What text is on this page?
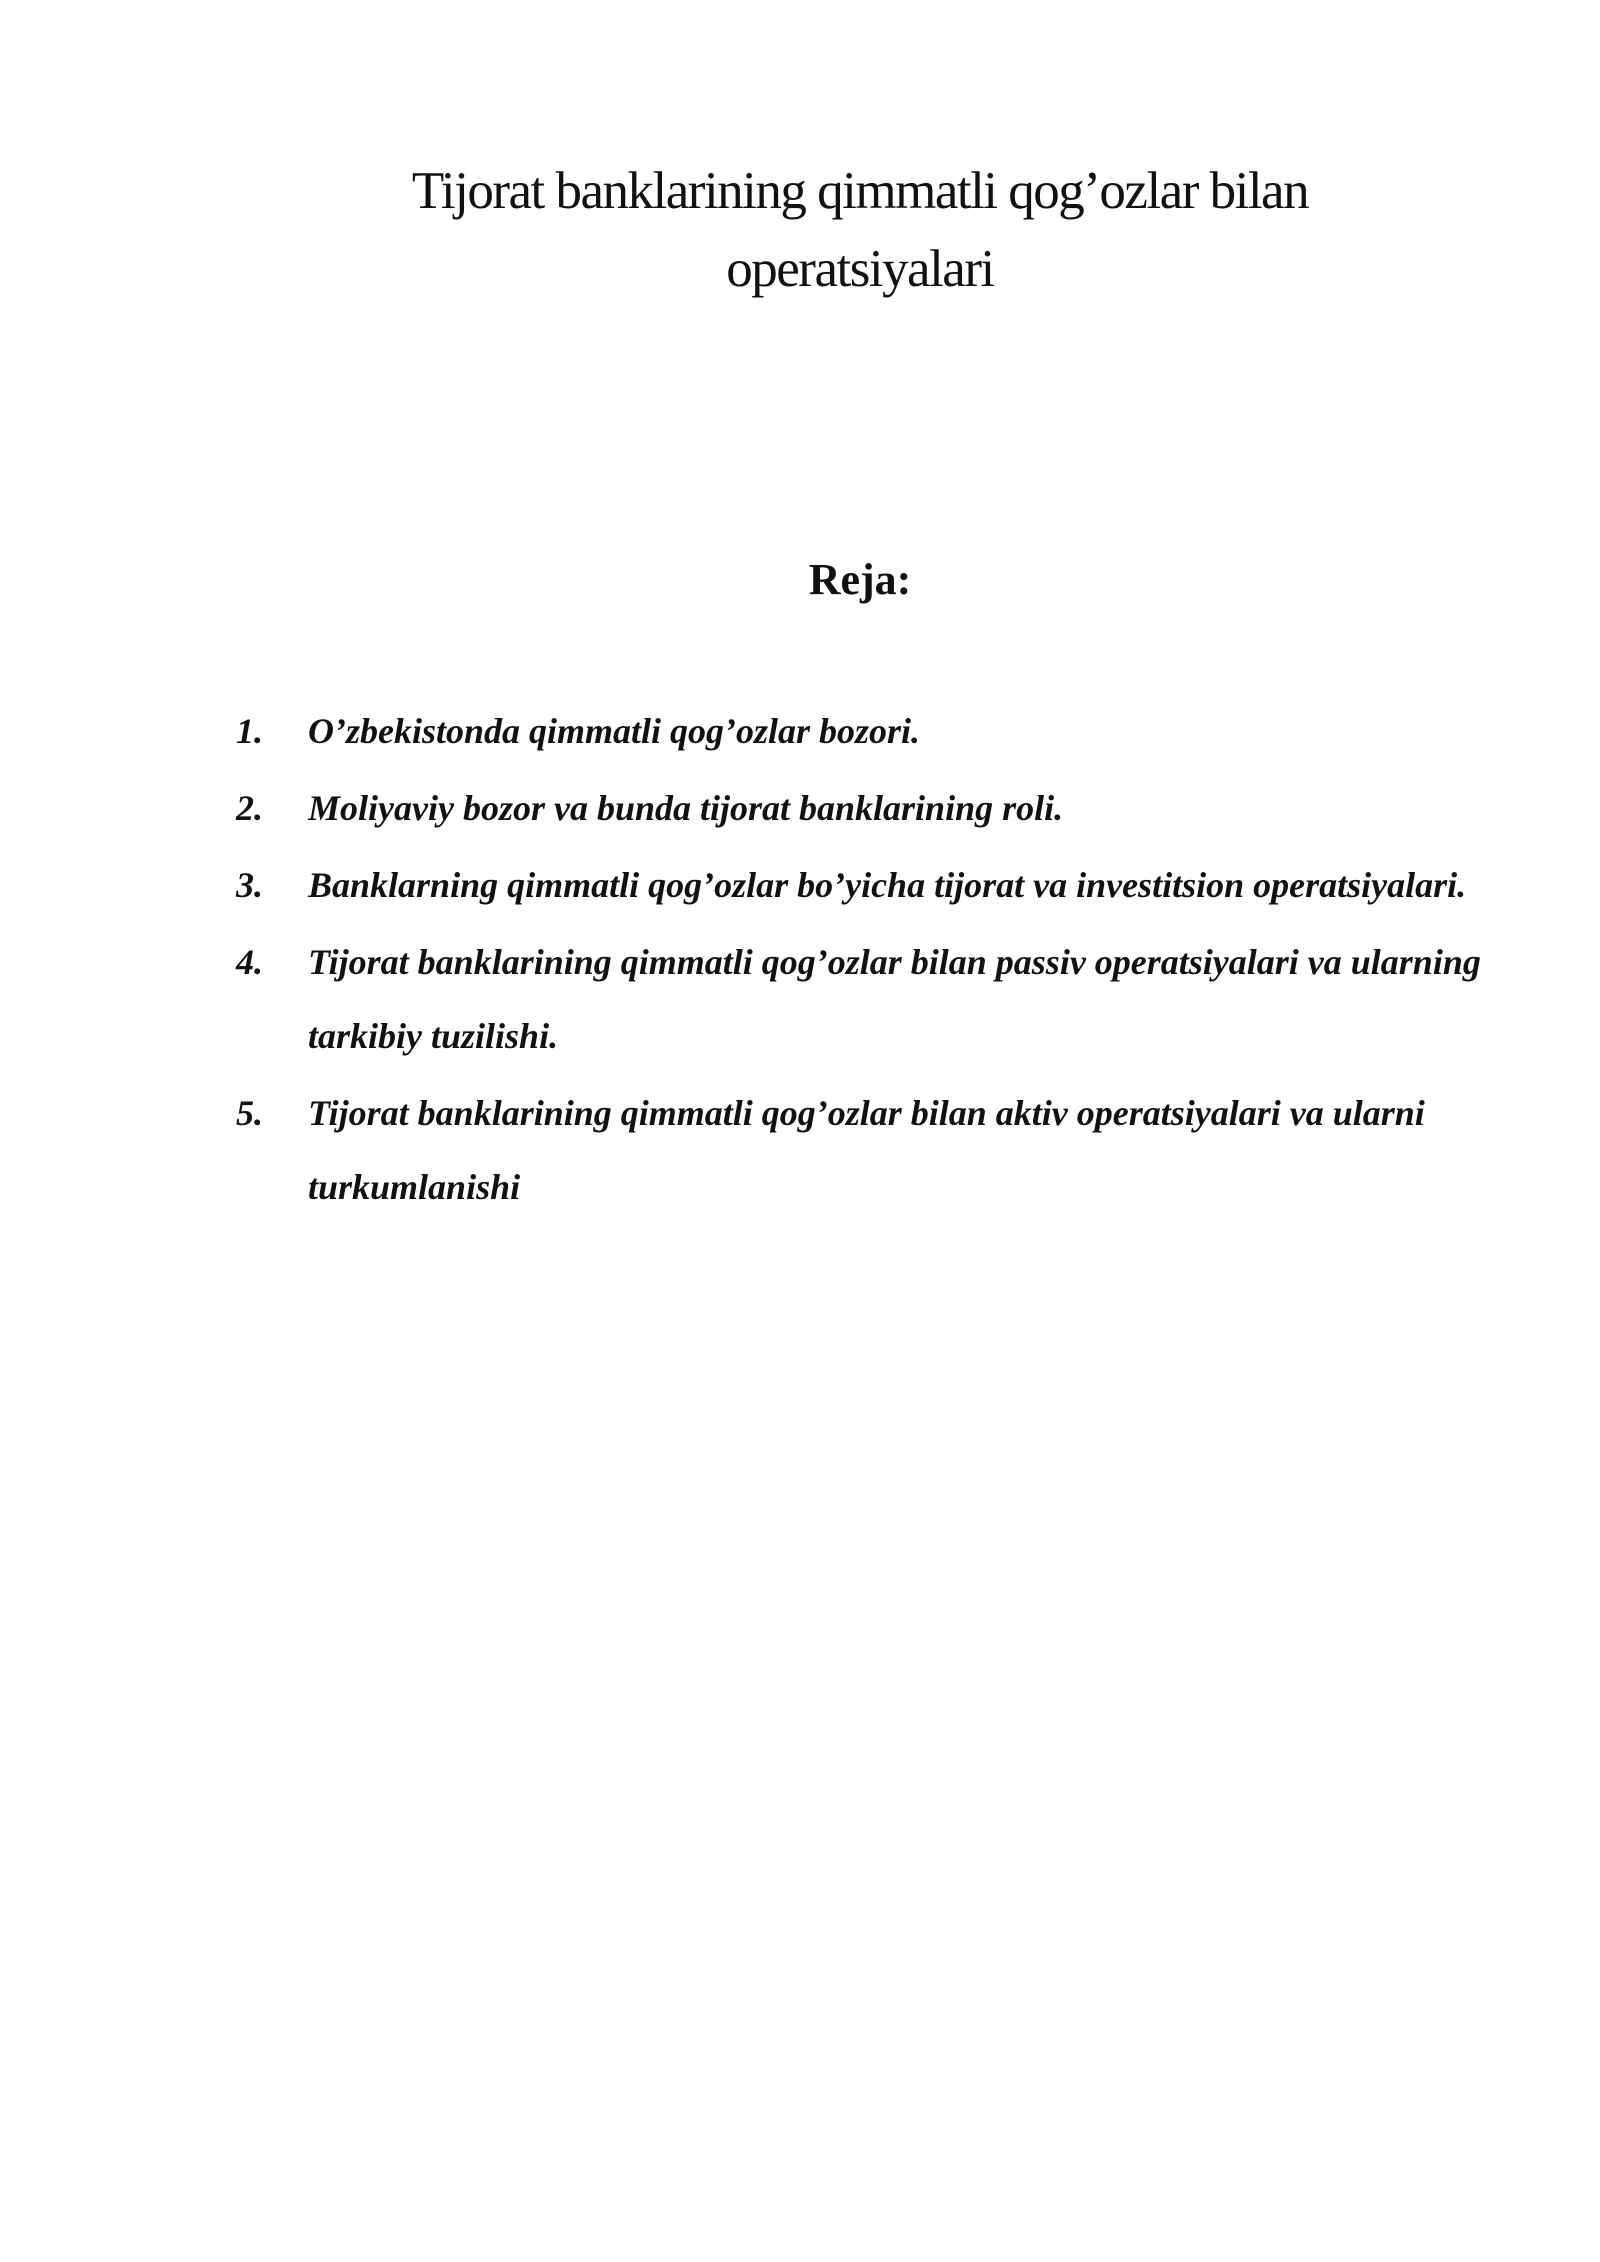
Tijorat banklarining qimmatli qog’ozlar bilan operatsiyalari
Reja:
1.	O’zbekistonda qimmatli qog’ozlar bozori.
2.	Moliyaviy bozor va bunda tijorat banklarining roli.
3.	Banklarning qimmatli qog’ozlar bo’yicha tijorat va investitsion operatsiyalari.
4.	Tijorat banklarining qimmatli qog’ozlar bilan passiv operatsiyalari va ularning tarkibiy tuzilishi.
5.	Tijorat banklarining qimmatli qog’ozlar bilan aktiv operatsiyalari va ularni turkumlanishi
